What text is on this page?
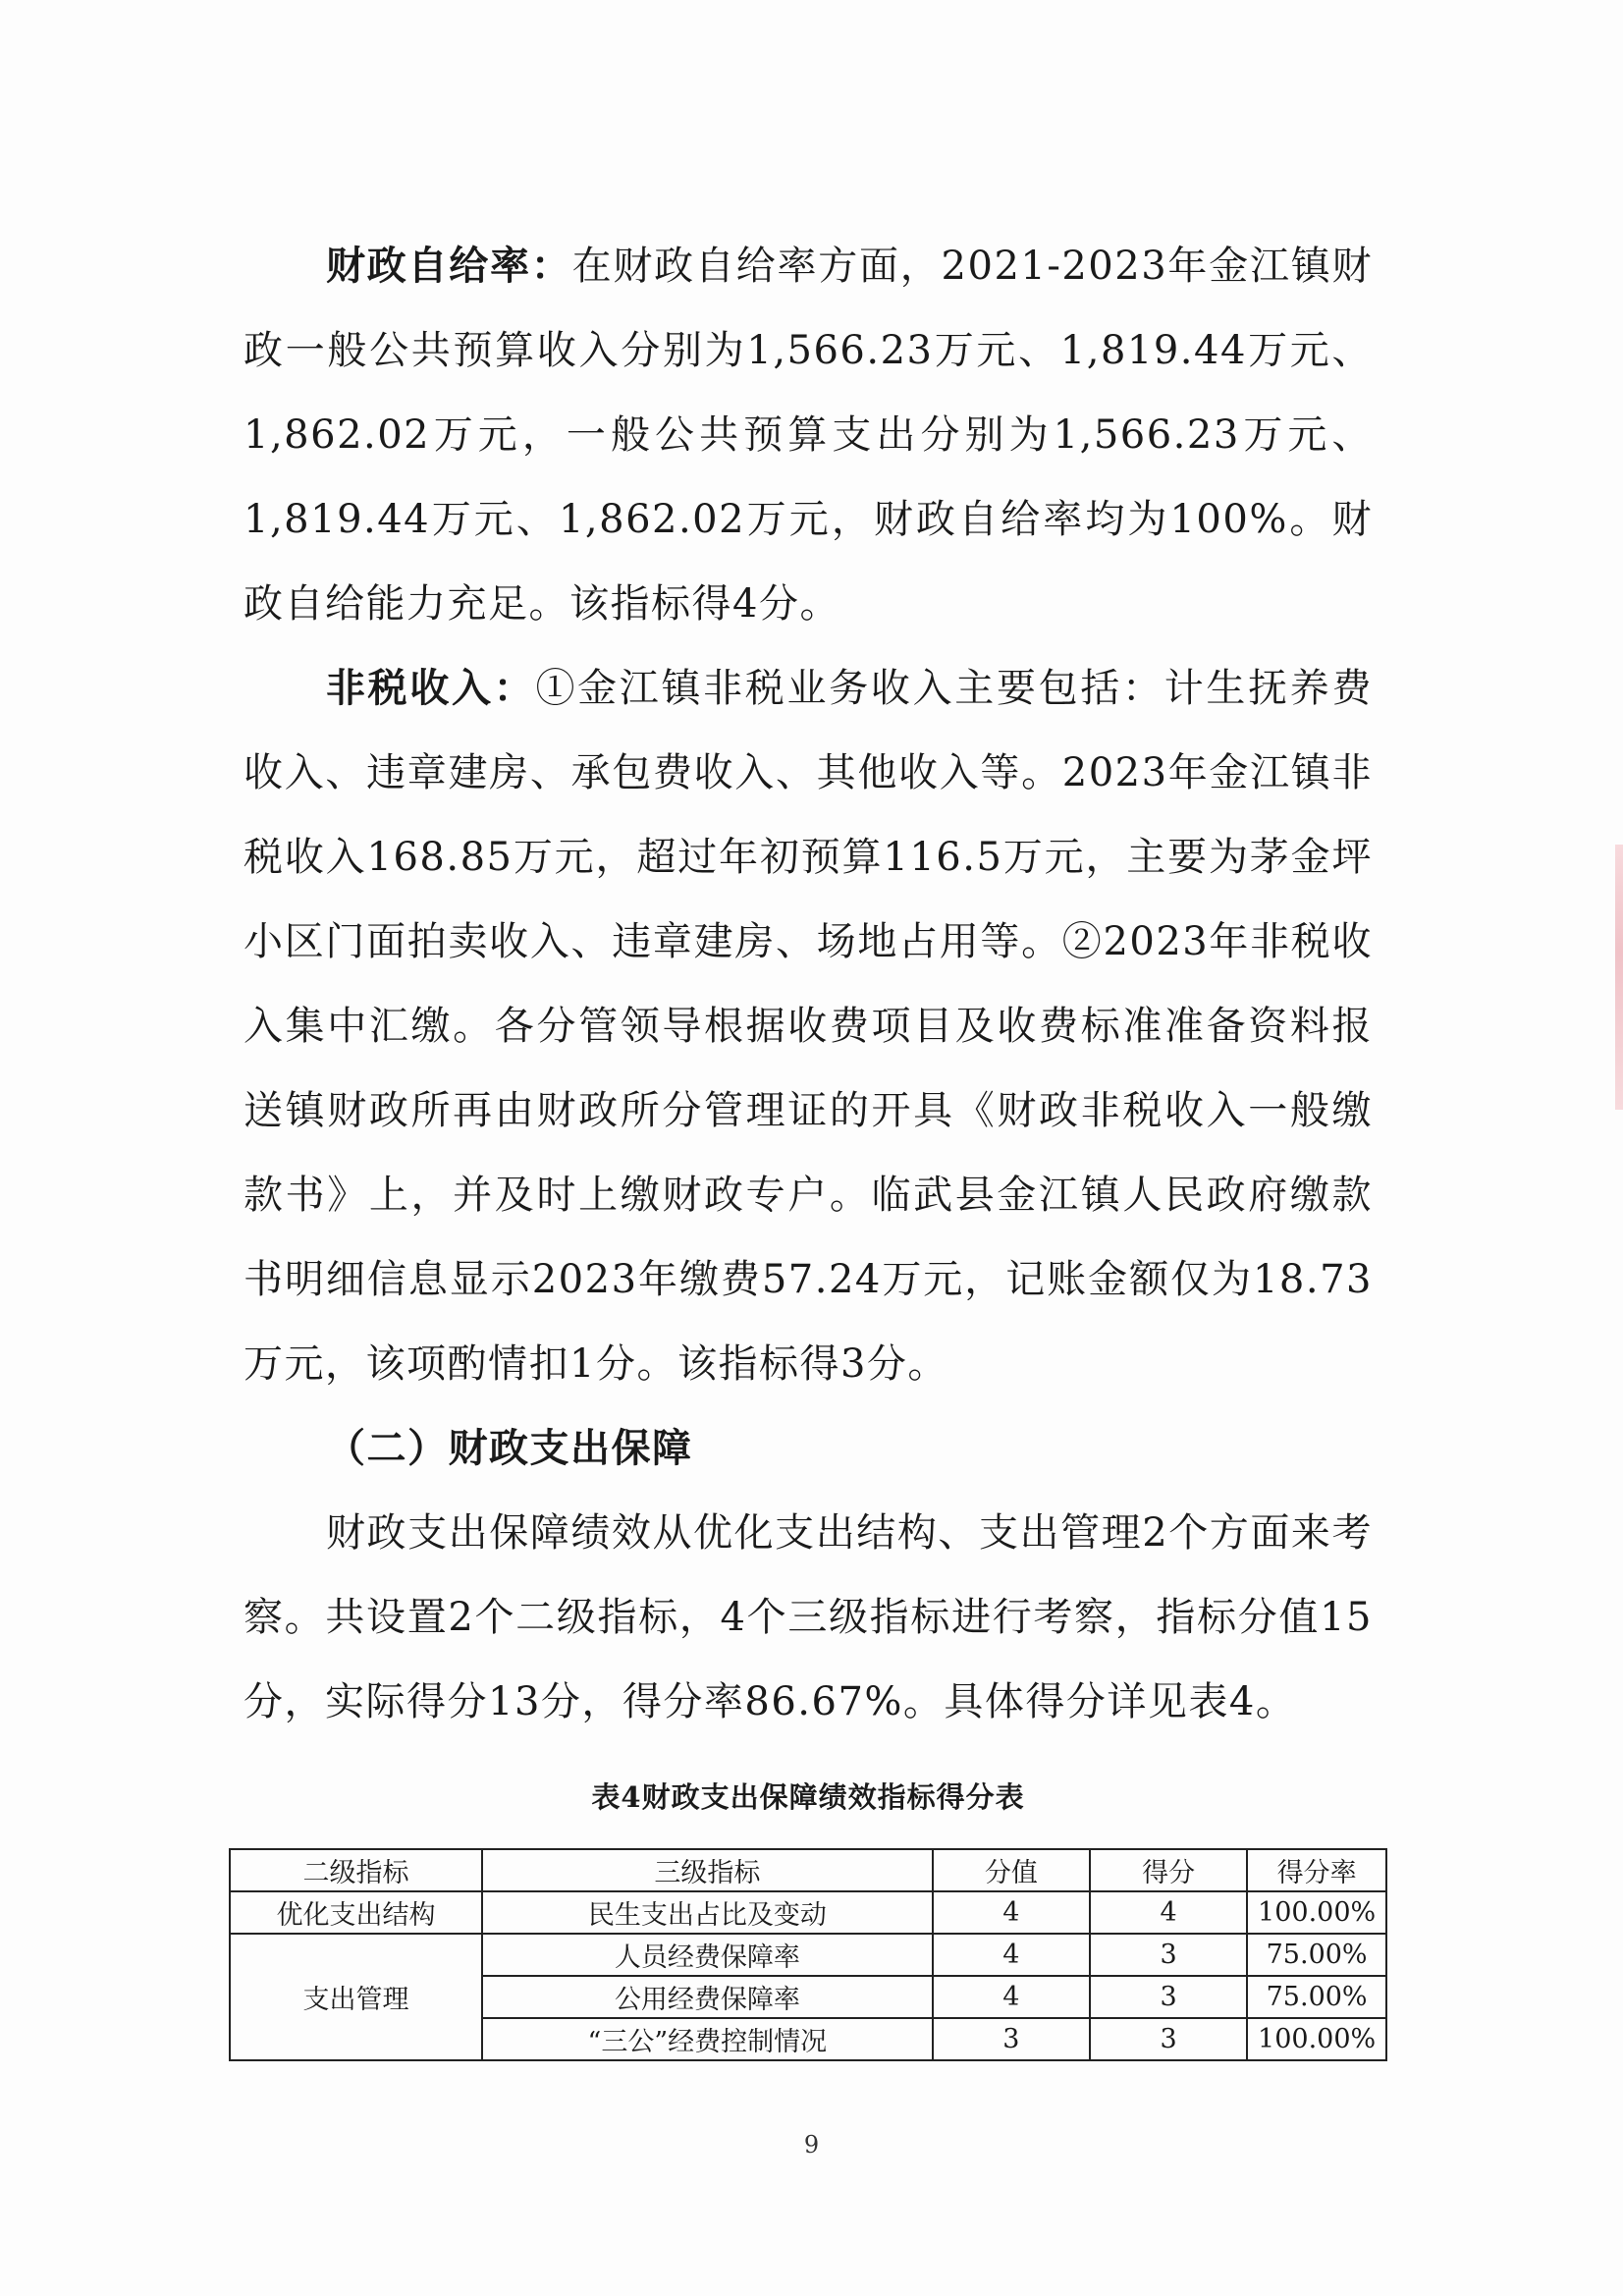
财政自给率：在财政自给率方面，2021-2023年金江镇财政一般公共预算收入分别为1,566.23万元、1,819.44万元、1,862.02万元，一般公共预算支出分别为1,566.23万元、1,819.44万元、1,862.02万元，财政自给率均为100%。财政自给能力充足。该指标得4分。

非税收入：①金江镇非税业务收入主要包括：计生抚养费收入、违章建房、承包费收入、其他收入等。2023年金江镇非税收入168.85万元，超过年初预算116.5万元，主要为茅金坪小区门面拍卖收入、违章建房、场地占用等。②2023年非税收入集中汇缴。各分管领导根据收费项目及收费标准准备资料报送镇财政所再由财政所分管理证的开具《财政非税收入一般缴款书》上，并及时上缴财政专户。临武县金江镇人民政府缴款书明细信息显示2023年缴费57.24万元，记账金额仅为18.73万元，该项酌情扣1分。该指标得3分。

（二）财政支出保障

财政支出保障绩效从优化支出结构、支出管理2个方面来考察。共设置2个二级指标，4个三级指标进行考察，指标分值15分，实际得分13分，得分率86.67%。具体得分详见表4。

表4财政支出保障绩效指标得分表
二级指标	三级指标	分值	得分	得分率
优化支出结构	民生支出占比及变动	4	4	100.00%
支出管理	人员经费保障率	4	3	75.00%
	公用经费保障率	4	3	75.00%
	“三公”经费控制情况	3	3	100.00%
9
